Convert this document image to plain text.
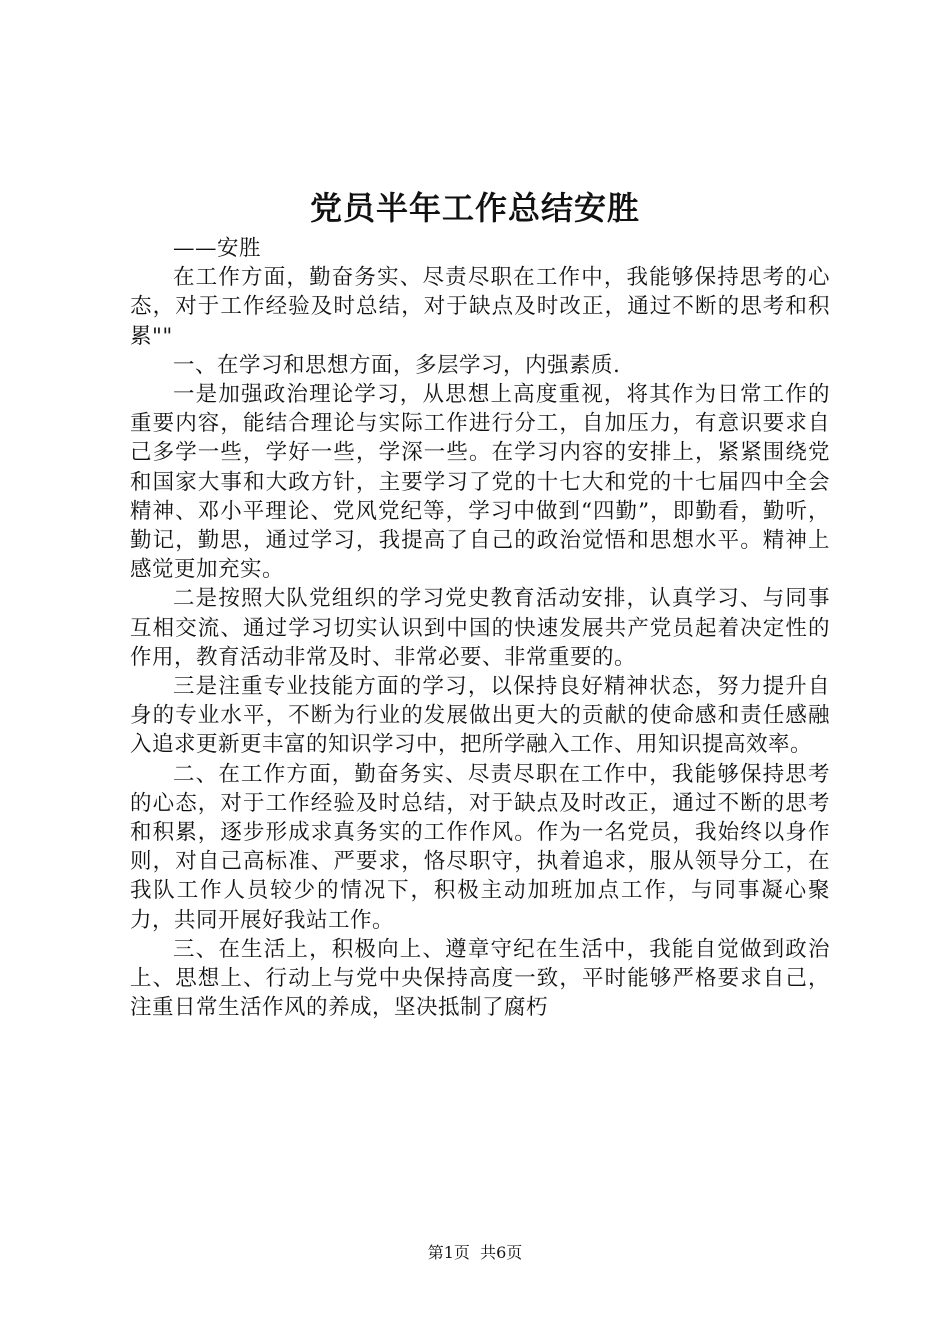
党员半年工作总结安胜

——安胜

在工作方面，勤奋务实、尽责尽职在工作中，我能够保持思考的心态，对于工作经验及时总结，对于缺点及时改正，通过不断的思考和积累""

一、在学习和思想方面，多层学习，内强素质.

一是加强政治理论学习，从思想上高度重视，将其作为日常工作的重要内容，能结合理论与实际工作进行分工，自加压力，有意识要求自己多学一些，学好一些，学深一些。在学习内容的安排上，紧紧围绕党和国家大事和大政方针，主要学习了党的十七大和党的十七届四中全会精神、邓小平理论、党风党纪等，学习中做到“四勤”，即勤看，勤听，勤记，勤思，通过学习，我提高了自己的政治觉悟和思想水平。精神上感觉更加充实。

二是按照大队党组织的学习党史教育活动安排，认真学习、与同事互相交流、通过学习切实认识到中国的快速发展共产党员起着决定性的作用，教育活动非常及时、非常必要、非常重要的。

三是注重专业技能方面的学习，以保持良好精神状态，努力提升自身的专业水平，不断为行业的发展做出更大的贡献的使命感和责任感融入追求更新更丰富的知识学习中，把所学融入工作、用知识提高效率。

二、在工作方面，勤奋务实、尽责尽职在工作中，我能够保持思考的心态，对于工作经验及时总结，对于缺点及时改正，通过不断的思考和积累，逐步形成求真务实的工作作风。作为一名党员，我始终以身作则，对自己高标准、严要求，恪尽职守，执着追求，服从领导分工，在我队工作人员较少的情况下，积极主动加班加点工作，与同事凝心聚力，共同开展好我站工作。

三、在生活上，积极向上、遵章守纪在生活中，我能自觉做到政治上、思想上、行动上与党中央保持高度一致，平时能够严格要求自己，注重日常生活作风的养成，坚决抵制了腐朽

第1页 共6页
